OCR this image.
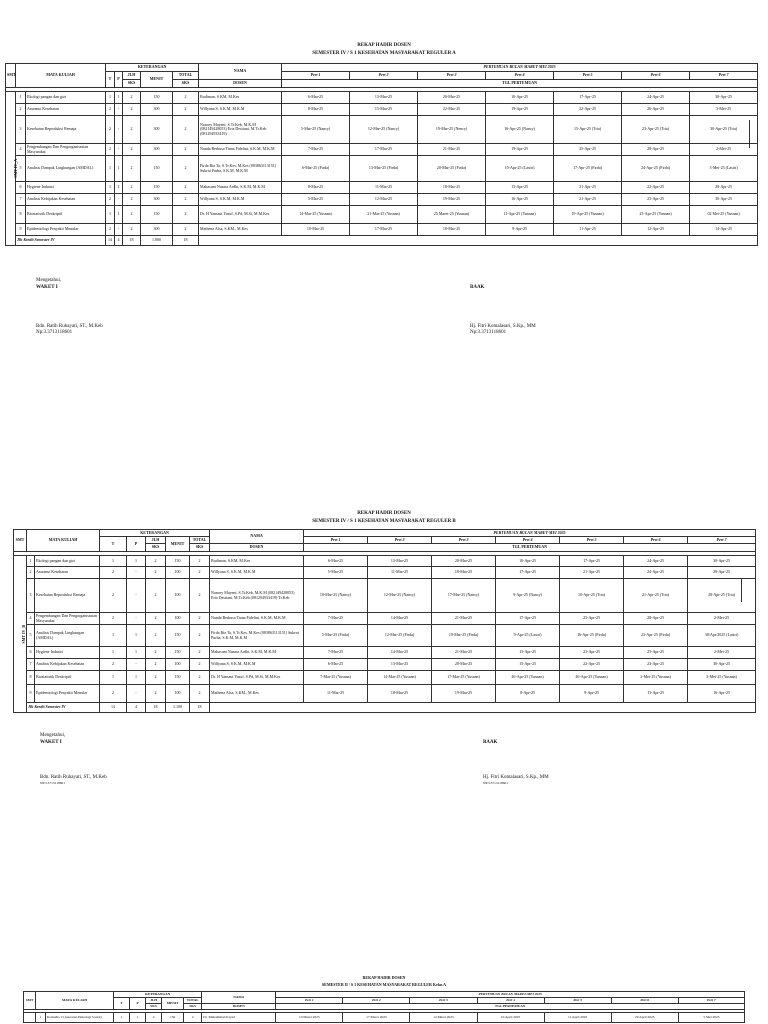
REKAP HADIR DOSEN
SEMESTER IV / S 1 KESEHATAN MASYARAKAT REGULER A
SMT	MATA KULIAH		KETERANGAN					NAMA	PERTEMUAN BULAN MARET-MEI 2025						
			T	P	JLH	MENIT	TOTAL		Pert 1	Pert 2	Pert 3	Pert 4	Pert 5	Pert 6	Pert 7
					SKS		SKS	DOSEN	TGL PERTEMUAN						

SMT IV_A	1	Ekologi pangan dan gizi	1	1	2	150	2	Budiman, S.KM, M.Kes	6-Mar-25	13-Mar-25	20-Mar-25	10-Apr-25	17-Apr-25	24-Apr-25	30-Apr-25
	2	Asuransi Kesehatan	2	-	2	300	2	Willyana S, S.K.M, M.K.M	8-Mar-25	15-Mar-25	22-Mar-25	19-Apr-25	22-Apr-25	26-Apr-25	3-Mei-25
	3	Kesehatan Reproduksi Remaja	2	-	2	300	2	Nancey Mayeni, S.Tr.Keb, M.K.M (082149428053) Eria Destiani, M.Tr.Keb (081294933419)	5-Mar-25 (Nancy)	12-Mar-25 (Nancy)	19-Mar-25 (Nency)	16-Apr-25 (Nancy)	15-Apr-25 (Tria)	23-Apr-25 (Tria)	30-Apr-25 (Tria)
	4	Pengembangan Dan Pengorganisasian Masyarakat	2	-	2	300	2	Nanda Berkusa Tiana Fidelini, S.K.M, M.K.M	7-Mar-25	17-Mar-25	21-Mar-25	19-Apr-25	25-Apr-25	28-Apr-25	2-Mei-25
	5	Analisis Dampak Lingkungan (AMDAL)	1	1	2	150	2	Firda Ria Ta, S.Tr.Kes, M.Kes (083863113151) Sukrni Purba, S.K.M, M.K.M	6-Mar-25 (Firda)	13-Mar-25 (Firda)	20-Mar-25 (Firda)	10-Apr-25 (Lastri)	17-Apr-25 (Firda)	24-Apr-25 (Firda)	3-Mei-25 (Lastri)
	6	Hygiene Industri	1	1	2	150	2	Mahasuni Nusara Ardhi, S.K.M, M.K.M	8-Mar-25	11-Mar-25	18-Mar-25	15-Apr-25	21-Apr-25	22-Apr-25	28-Apr-25
	7	Analisis Kebijakan Kesehatan	2	-	2	300	2	Willyana S, S.K.M, M.K.M	5-Mar-25	12-Mar-25	19-Mar-25	16-Apr-25	21-Apr-25	23-Apr-25	30-Apr-25
	8	Biostatistik Deskriptif	1	1	2	150	2	Dr. H Yansaut Yusuf, S.Pd, M.Si, M.M.Kes	14-Mar-25 (Yusnan)	21-Mar-25 (Yusnan)	25 Maret-25 (Yusnan)	11-Apr-25 (Yusnan)	19-Apr-25 (Yusnan)	25-Apr-25 (Yusnan)	02 Mei-25 (Yusnan)
	9	Epidemiologi Penyakit Menular	2	-	2	300	2	Mathena Afsa, S.KM., M.Kes	10-Mar-25	17-Mar-25	18-Mar-25	9-Apr-25	11-Apr-25	12-Apr-25	14-Apr-25
	Jlh Kredit Semester IV		14	4	18	1.800	18								
Mengetahui,
WAKET I	BAAK
Bdn. Ratih Ruhayati, ST., M.Keb
Np:3.3713118601
Hj. Fitri Komalasari, S.Kp., MM
Np:3.3713118601
REKAP HADIR DOSEN
SEMESTER IV / S 1 KESEHATAN MASYARAKAT REGULER B
SMT	MATA KULIAH		KETERANGAN					NAMA	PERTEMUAN BULAN MARET-MEI 2025						
			T	P	JLH	MENIT	TOTAL		Pert 1	Pert 2	Pert 3	Pert 4	Pert 5	Pert 6	Pert 7
					SKS		SKS	DOSEN	TGL PERTEMUAN						

SMT IV_B	1	Ekologi pangan dan gizi	1	1	2	150	2	Budiman, S.KM, M.Kes	6-Mar-25	13-Mar-25	20-Mar-25	10-Apr-25	17-Apr-25	24-Apr-25	30-Apr-25
	2	Asuransi Kesehatan	2	-	2	100	2	Willyana S, S.K.M, M.K.M	5-Mar-25	11-Mar-25	18-Mar-25	17-Apr-25	21-Apr-25	24-Apr-25	29-Apr-25
	3	Kesehatan Reproduksi Remaja	2	-	2	100	2	Nancey Mayeni, S.Tr.Keb, M.K.M (082149428053) Eria Destiani, M.Tr.Keb (081294933419) Tr.Keb	10-Mar-25 (Nancy)	12-Mar-25 (Nancy)	17-Mar-25 (Nancy)	9-Apr-25 (Nancy)	10-Apr-25 (Tria)	21-Apr-25 (Tria)	28-Apr-25 (Tria)
	4	Pengembangan Dan Pengorganisasian Masyarakat	2	-	2	100	2	Nanda Berkusa Tiana Fidelini, S.K.M, M.K.M	7-Mar-25	14-Mar-25	21-Mar-25	17-Apr-25	25-Apr-25	28-Apr-25	2-Mei-25
	5	Analisis Dampak Lingkungan (AMDAL)	1	1	2	150	2	Firda Ria Ta, S.Tr.Kes, M.Kes (083863113151) Sukrni Purba, S.K.M, M.K.M	5-Mar-25 (Firda)	12-Mar-25 (Firda)	19-Mar-25 (Firda)	9-Apr-25 (Lastri)	16-Apr-25 (Firda)	23-Apr-25 (Firda)	30/Apr/2025 (Lastri)
	6	Hygiene Industri	1	1	2	150	2	Mahasuni Nusara Ardhi, S.K.M, M.K.M	7-Mar-25	14-Mar-25	21-Mar-25	15-Apr-25	23-Apr-25	25-Apr-25	2-Mei-25
	7	Analisis Kebijakan Kesehatan	2	-	2	100	2	Willyana S, S.K.M, M.K.M	6-Mar-25	13-Mar-25	20-Mar-25	15-Apr-25	22-Apr-25	23-Apr-25	30-Apr-25
	8	Biostatistik Deskriptif	1	1	2	150	2	Dr. H Yansaut Yusuf, S.Pd, M.Si, M.M.Kes	7-Mar-25 (Yusnan)	14-Mar-25 (Yusnan)	17-Mar-25 (Yusnan)	26-Apr-25 (Yusnan)	26-Apr-25 (Yusnan)	2-Mei-25 (Yusnan)	3-Mei-25 (Yusnan)
	9	Epidemiologi Penyakit Menular	2	-	2	100	2	Mathena Afsa, S.KM., M.Kes	11-Mar-25	18-Mar-25	19-Mar-25	8-Apr-25	9-Apr-25	15-Apr-25	16-Apr-25
	Jlh Kredit Semester IV		14	4	18	1.100	18								
Mengetahui,
WAKET I	BAAK
Bdn. Ratih Ruhayati, ST., M.Keb
NP.3.3713118601
Hj. Fitri Komalasari, S.Kp., MM
NP.3.3713118601
REKAP HADIR DOSEN
SEMESTER II / S 1 KESEHATAN MASYARAKAT REGULER Kelas A
SMT	MATA KULIAH		KETERANGAN					NAMA	PERTEMUAN BULAN MARET-MEI 2025						
			T	P	JLH	MENIT	TOTAL		Pert 1	Pert 2	Pert 3	Pert 4	Pert 5	Pert 6	Pert 7
					SKS		SKS	DOSEN	TGL PERTEMUAN						

	1	Komedia 2 (Asuransi Psikologi Sosial)	1	1	2	150	2	Dr. Muhammad Irsyad	10 Maret 2025	17 Maret 2025	14 Maret 2025	10 April 2025	11 April 2025	20 April 2025	5 Mei 2025
